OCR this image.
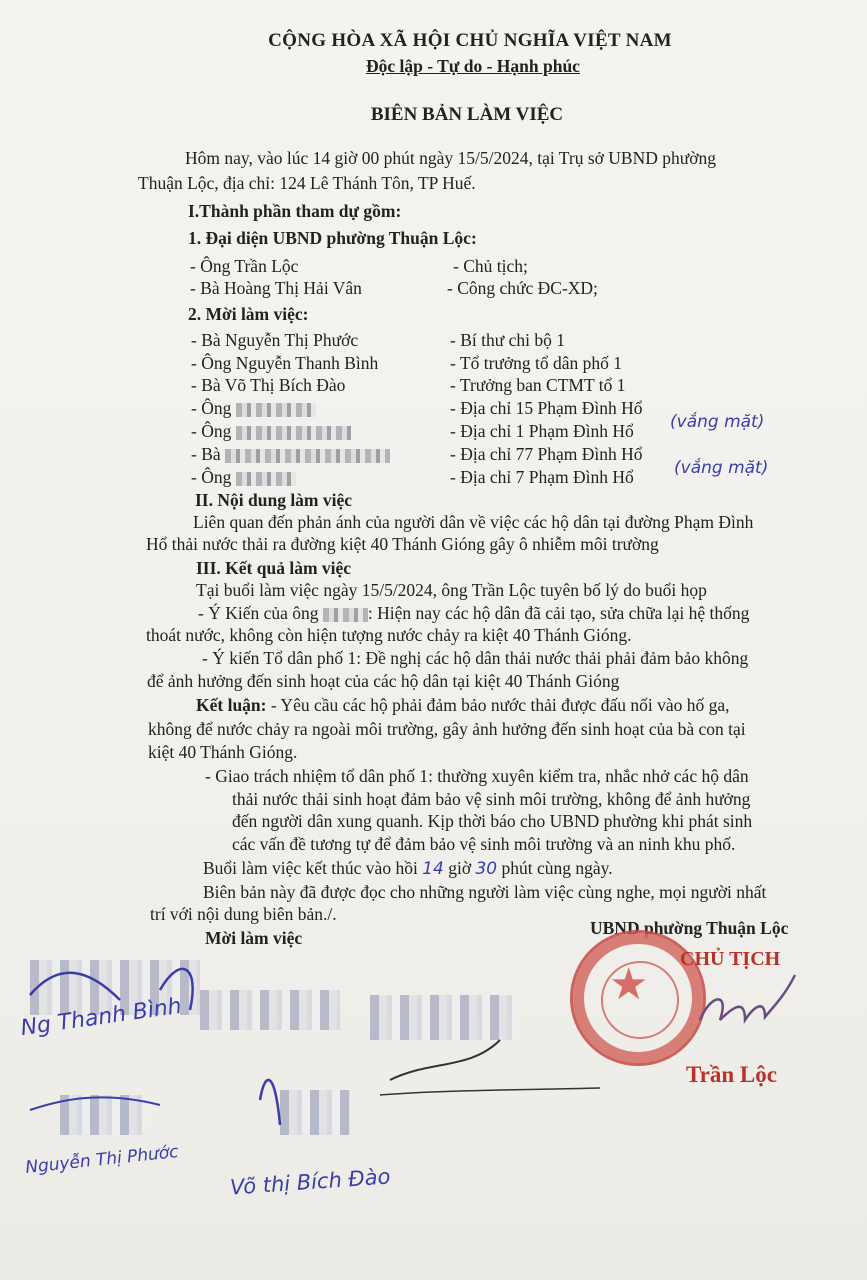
CỘNG HÒA XÃ HỘI CHỦ NGHĨA VIỆT NAM
Độc lập - Tự do - Hạnh phúc
BIÊN BẢN LÀM VIỆC
Hôm nay, vào lúc 14 giờ 00 phút ngày 15/5/2024, tại Trụ sở UBND phường
Thuận Lộc, địa chỉ: 124 Lê Thánh Tôn, TP Huế.
I.Thành phần tham dự gồm:
1. Đại diện UBND phường Thuận Lộc:
- Ông Trần Lộc	- Chủ tịch;
- Bà Hoàng Thị Hải Vân	- Công chức ĐC-XD;
2. Mời làm việc:
- Bà Nguyễn Thị Phước	- Bí thư chi bộ 1
- Ông Nguyễn Thanh Bình	- Tổ trưởng tổ dân phố 1
- Bà Võ Thị Bích Đào	- Trưởng ban CTMT tổ 1
- Ông	- Địa chỉ 15 Phạm Đình Hổ
- Ông	- Địa chỉ 1 Phạm Đình Hổ (vắng mặt)
- Bà	- Địa chỉ 77 Phạm Đình Hổ
- Ông	- Địa chỉ 7 Phạm Đình Hổ (vắng mặt)
II. Nội dung làm việc
Liên quan đến phản ánh của người dân về việc các hộ dân tại đường Phạm Đình
Hổ thải nước thải ra đường kiệt 40 Thánh Gióng gây ô nhiễm môi trường
III. Kết quả làm việc
Tại buổi làm việc ngày 15/5/2024, ông Trần Lộc tuyên bố lý do buổi họp
- Ý Kiến của ông	: Hiện nay các hộ dân đã cải tạo, sửa chữa lại hệ thống
thoát nước, không còn hiện tượng nước chảy ra kiệt 40 Thánh Gióng.
- Ý kiến Tổ dân phố 1: Đề nghị các hộ dân thải nước thải phải đảm bảo không
để ảnh hưởng đến sinh hoạt của các hộ dân tại kiệt 40 Thánh Gióng
Kết luận: - Yêu cầu các hộ phải đảm bảo nước thải được đấu nối vào hố ga,
không để nước chảy ra ngoài môi trường, gây ảnh hưởng đến sinh hoạt của bà con tại
kiệt 40 Thánh Gióng.
- Giao trách nhiệm tổ dân phố 1: thường xuyên kiểm tra, nhắc nhở các hộ dân
thải nước thải sinh hoạt đảm bảo vệ sinh môi trường, không để ảnh hưởng
đến người dân xung quanh. Kịp thời báo cho UBND phường khi phát sinh
các vấn đề tương tự để đảm bảo vệ sinh môi trường và an ninh khu phố.
Buổi làm việc kết thúc vào hồi 14 giờ 30 phút cùng ngày.
Biên bản này đã được đọc cho những người làm việc cùng nghe, mọi người nhất
trí với nội dung biên bản./.
Mời làm việc	UBND phường Thuận Lộc
★
CHỦ TỊCH
Trần Lộc
Ng Thanh Bình
Nguyễn Thị Phước
Võ thị Bích Đào
